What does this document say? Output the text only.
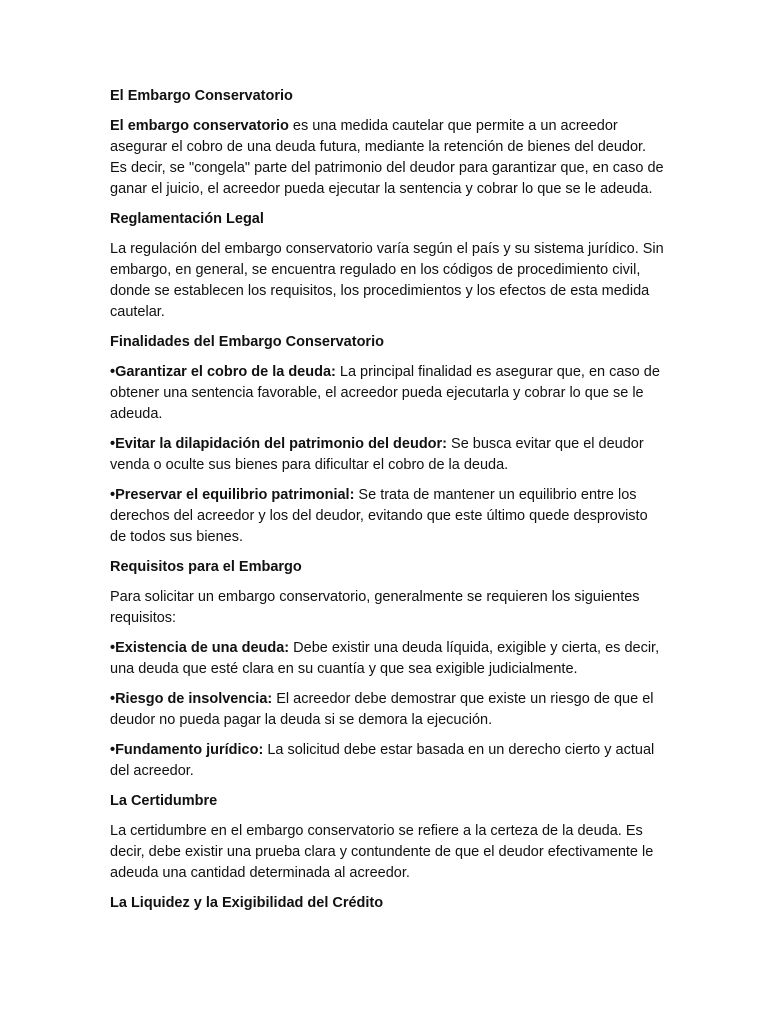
El Embargo Conservatorio

El embargo conservatorio es una medida cautelar que permite a un acreedor asegurar el cobro de una deuda futura, mediante la retención de bienes del deudor. Es decir, se "congela" parte del patrimonio del deudor para garantizar que, en caso de ganar el juicio, el acreedor pueda ejecutar la sentencia y cobrar lo que se le adeuda.

Reglamentación Legal

La regulación del embargo conservatorio varía según el país y su sistema jurídico. Sin embargo, en general, se encuentra regulado en los códigos de procedimiento civil, donde se establecen los requisitos, los procedimientos y los efectos de esta medida cautelar.

Finalidades del Embargo Conservatorio

•Garantizar el cobro de la deuda: La principal finalidad es asegurar que, en caso de obtener una sentencia favorable, el acreedor pueda ejecutarla y cobrar lo que se le adeuda.

•Evitar la dilapidación del patrimonio del deudor: Se busca evitar que el deudor venda o oculte sus bienes para dificultar el cobro de la deuda.

•Preservar el equilibrio patrimonial: Se trata de mantener un equilibrio entre los derechos del acreedor y los del deudor, evitando que este último quede desprovisto de todos sus bienes.

Requisitos para el Embargo

Para solicitar un embargo conservatorio, generalmente se requieren los siguientes requisitos:

•Existencia de una deuda: Debe existir una deuda líquida, exigible y cierta, es decir, una deuda que esté clara en su cuantía y que sea exigible judicialmente.

•Riesgo de insolvencia: El acreedor debe demostrar que existe un riesgo de que el deudor no pueda pagar la deuda si se demora la ejecución.

•Fundamento jurídico: La solicitud debe estar basada en un derecho cierto y actual del acreedor.

La Certidumbre

La certidumbre en el embargo conservatorio se refiere a la certeza de la deuda. Es decir, debe existir una prueba clara y contundente de que el deudor efectivamente le adeuda una cantidad determinada al acreedor.

La Liquidez y la Exigibilidad del Crédito
